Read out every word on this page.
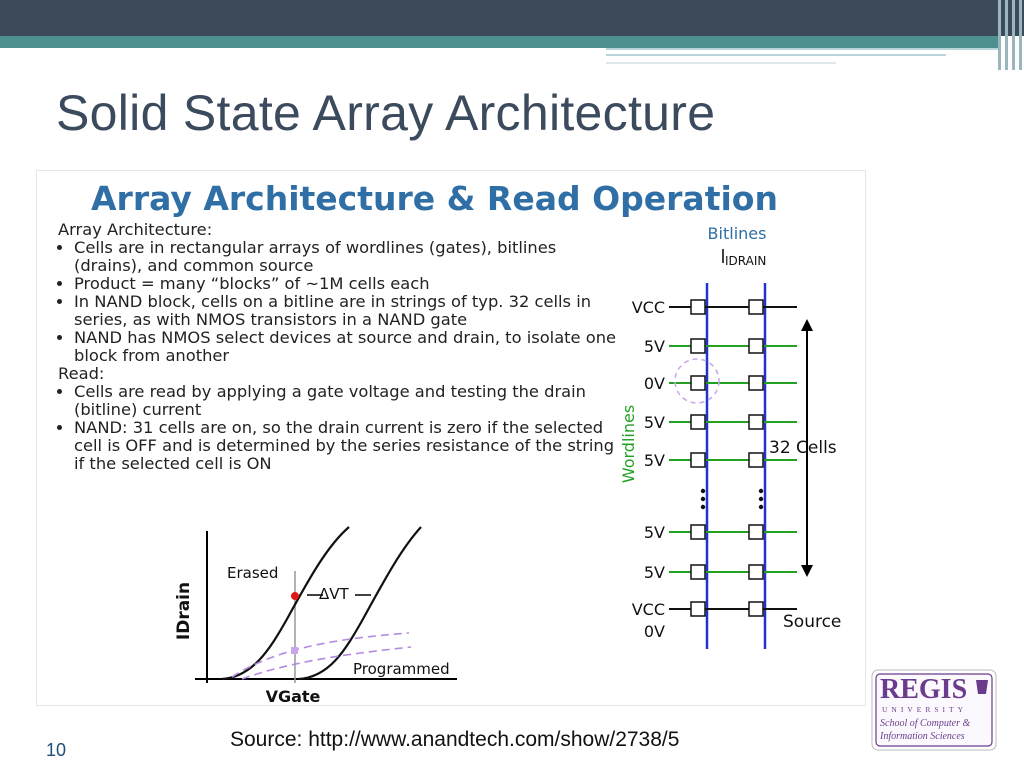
Solid State Array Architecture
Array Architecture & Read Operation

Array Architecture:

• Cells are in rectangular arrays of wordlines (gates), bitlines (drains), and common source
• Product = many “blocks” of ~1M cells each
• In NAND block, cells on a bitline are in strings of typ. 32 cells in series, as with NMOS transistors in a NAND gate
• NAND has NMOS select devices at source and drain, to isolate one block from another

Read:

• Cells are read by applying a gate voltage and testing the drain (bitline) current
• NAND: 31 cells are on, so the drain current is zero if the selected cell is OFF and is determined by the series resistance of the string if the selected cell is ON
ΔVT
Erased
Programmed
IDrain
VGate
Bitlines
IDRAIN
VCC
5V
0V
5V
5V
5V
5V
VCC
0V
Wordlines	32 Cells
Source
Source: http://www.anandtech.com/show/2738/5
10
REGIS
UNIVERSITY
School of Computer &
Information Sciences
